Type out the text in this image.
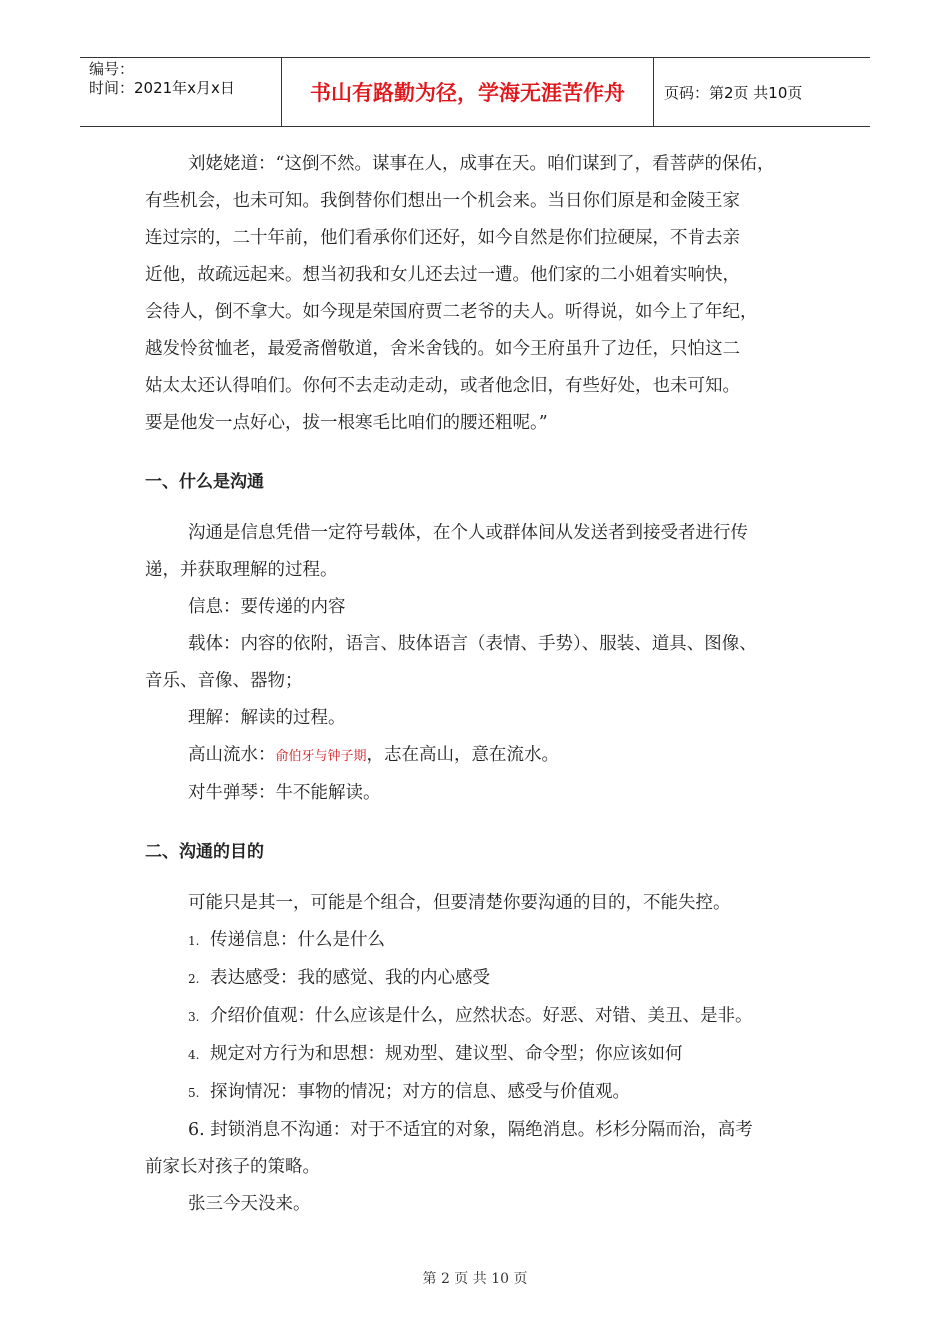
编号：
时间：2021年x月x日	书山有路勤为径，学海无涯苦作舟	页码：第2页 共10页

刘姥姥道：“这倒不然。谋事在人，成事在天。咱们谋到了，看菩萨的保佑，

有些机会，也未可知。我倒替你们想出一个机会来。当日你们原是和金陵王家

连过宗的，二十年前，他们看承你们还好，如今自然是你们拉硬屎，不肯去亲

近他，故疏远起来。想当初我和女儿还去过一遭。他们家的二小姐着实响快，

会待人，倒不拿大。如今现是荣国府贾二老爷的夫人。听得说，如今上了年纪，

越发怜贫恤老，最爱斋僧敬道，舍米舍钱的。如今王府虽升了边任，只怕这二

姑太太还认得咱们。你何不去走动走动，或者他念旧，有些好处，也未可知。

要是他发一点好心，拔一根寒毛比咱们的腰还粗呢。”

一、什么是沟通

沟通是信息凭借一定符号载体，在个人或群体间从发送者到接受者进行传

递，并获取理解的过程。

信息：要传递的内容

载体：内容的依附，语言、肢体语言（表情、手势）、服装、道具、图像、

音乐、音像、器物；

理解：解读的过程。

高山流水：俞伯牙与钟子期，志在高山，意在流水。

对牛弹琴：牛不能解读。

二、沟通的目的

可能只是其一，可能是个组合，但要清楚你要沟通的目的，不能失控。

1. 传递信息：什么是什么

2. 表达感受：我的感觉、我的内心感受

3. 介绍价值观：什么应该是什么，应然状态。好恶、对错、美丑、是非。

4. 规定对方行为和思想：规劝型、建议型、命令型；你应该如何

5. 探询情况：事物的情况；对方的信息、感受与价值观。

6. 封锁消息不沟通：对于不适宜的对象，隔绝消息。杉杉分隔而治，高考

前家长对孩子的策略。

张三今天没来。

第 2 页 共 10 页
